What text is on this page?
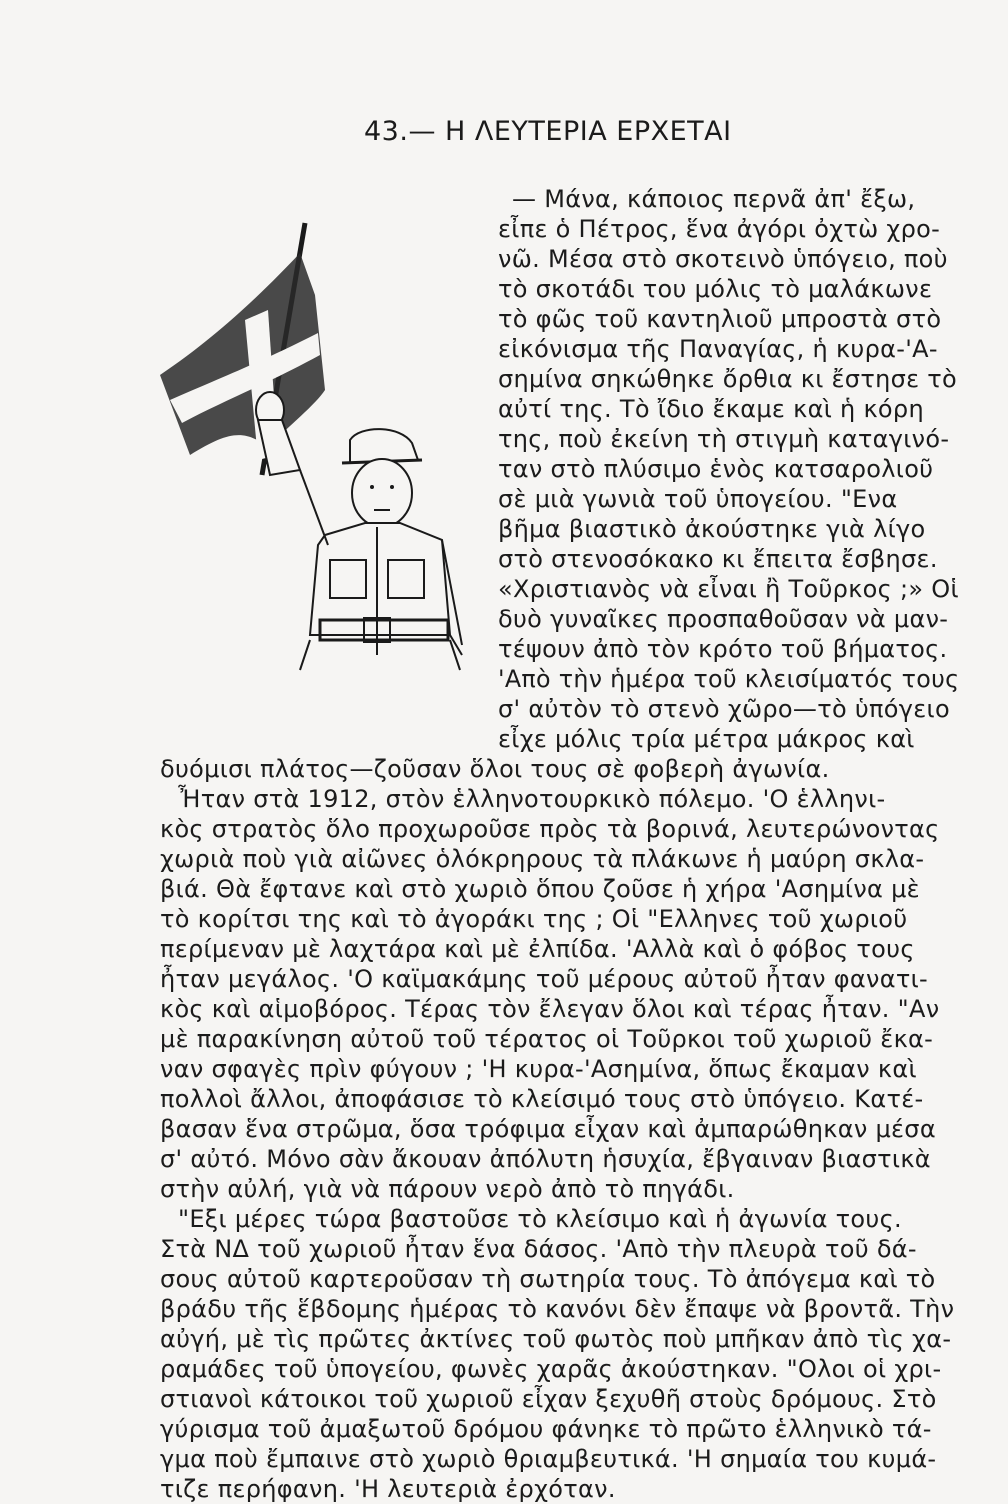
43.— Η ΛΕΥΤΕΡΙΑ ΕΡΧΕΤΑΙ
— Μάνα, κάποιος περνᾶ ἀπ' ἔξω,
εἶπε ὁ Πέτρος, ἕνα ἀγόρι ὀχτὼ χρο-
νῶ. Μέσα στὸ σκοτεινὸ ὑπόγειο, ποὺ
τὸ σκοτάδι του μόλις τὸ μαλάκωνε
τὸ φῶς τοῦ καντηλιοῦ μπροστὰ στὸ
εἰκόνισμα τῆς Παναγίας, ἡ κυρα-'Α-
σημίνα σηκώθηκε ὄρθια κι ἔστησε τὸ
αὐτί της. Τὸ ἴδιο ἔκαμε καὶ ἡ κόρη
της, ποὺ ἐκείνη τὴ στιγμὴ καταγινό-
ταν στὸ πλύσιμο ἑνὸς κατσαρολιοῦ
σὲ μιὰ γωνιὰ τοῦ ὑπογείου. "Ενα
βῆμα βιαστικὸ ἀκούστηκε γιὰ λίγο
στὸ στενοσόκακο κι ἔπειτα ἔσβησε.
«Χριστιανὸς νὰ εἶναι ἢ Τοῦρκος ;» Οἱ
δυὸ γυναῖκες προσπαθοῦσαν νὰ μαν-
τέψουν ἀπὸ τὸν κρότο τοῦ βήματος.
'Απὸ τὴν ἡμέρα τοῦ κλεισίματός τους
σ' αὐτὸν τὸ στενὸ χῶρο—τὸ ὑπόγειο
εἶχε μόλις τρία μέτρα μάκρος καὶ
δυόμισι πλάτος—ζοῦσαν ὅλοι τους σὲ φοβερὴ ἀγωνία.
Ἦταν στὰ 1912, στὸν ἑλληνοτουρκικὸ πόλεμο. 'Ο ἑλληνι-
κὸς στρατὸς ὅλο προχωροῦσε πρὸς τὰ βορινά, λευτερώνοντας
χωριὰ ποὺ γιὰ αἰῶνες ὁλόκρηρους τὰ πλάκωνε ἡ μαύρη σκλα-
βιά. Θὰ ἔφτανε καὶ στὸ χωριὸ ὅπου ζοῦσε ἡ χήρα 'Ασημίνα μὲ
τὸ κορίτσι της καὶ τὸ ἀγοράκι της ; Οἱ "Ελληνες τοῦ χωριοῦ
περίμεναν μὲ λαχτάρα καὶ μὲ ἐλπίδα. 'Αλλὰ καὶ ὁ φόβος τους
ἦταν μεγάλος. 'Ο καϊμακάμης τοῦ μέρους αὐτοῦ ἦταν φανατι-
κὸς καὶ αἱμοβόρος. Τέρας τὸν ἔλεγαν ὅλοι καὶ τέρας ἦταν. "Αν
μὲ παρακίνηση αὐτοῦ τοῦ τέρατος οἱ Τοῦρκοι τοῦ χωριοῦ ἔκα-
ναν σφαγὲς πρὶν φύγουν ; 'Η κυρα-'Ασημίνα, ὅπως ἔκαμαν καὶ
πολλοὶ ἄλλοι, ἀποφάσισε τὸ κλείσιμό τους στὸ ὑπόγειο. Κατέ-
βασαν ἕνα στρῶμα, ὅσα τρόφιμα εἶχαν καὶ ἀμπαρώθηκαν μέσα
σ' αὐτό. Μόνο σὰν ἄκουαν ἀπόλυτη ἡσυχία, ἔβγαιναν βιαστικὰ
στὴν αὐλή, γιὰ νὰ πάρουν νερὸ ἀπὸ τὸ πηγάδι.
"Εξι μέρες τώρα βαστοῦσε τὸ κλείσιμο καὶ ἡ ἀγωνία τους.
Στὰ ΝΔ τοῦ χωριοῦ ἦταν ἕνα δάσος. 'Απὸ τὴν πλευρὰ τοῦ δά-
σους αὐτοῦ καρτεροῦσαν τὴ σωτηρία τους. Τὸ ἀπόγεμα καὶ τὸ
βράδυ τῆς ἕβδομης ἡμέρας τὸ κανόνι δὲν ἔπαψε νὰ βροντᾶ. Τὴν
αὐγή, μὲ τὶς πρῶτες ἀκτίνες τοῦ φωτὸς ποὺ μπῆκαν ἀπὸ τὶς χα-
ραμάδες τοῦ ὑπογείου, φωνὲς χαρᾶς ἀκούστηκαν. "Ολοι οἱ χρι-
στιανοὶ κάτοικοι τοῦ χωριοῦ εἶχαν ξεχυθῆ στοὺς δρόμους. Στὸ
γύρισμα τοῦ ἀμαξωτοῦ δρόμου φάνηκε τὸ πρῶτο ἑλληνικὸ τά-
γμα ποὺ ἔμπαινε στὸ χωριὸ θριαμβευτικά. 'Η σημαία του κυμά-
τιζε περήφανη. 'Η λευτεριὰ ἐρχόταν.
